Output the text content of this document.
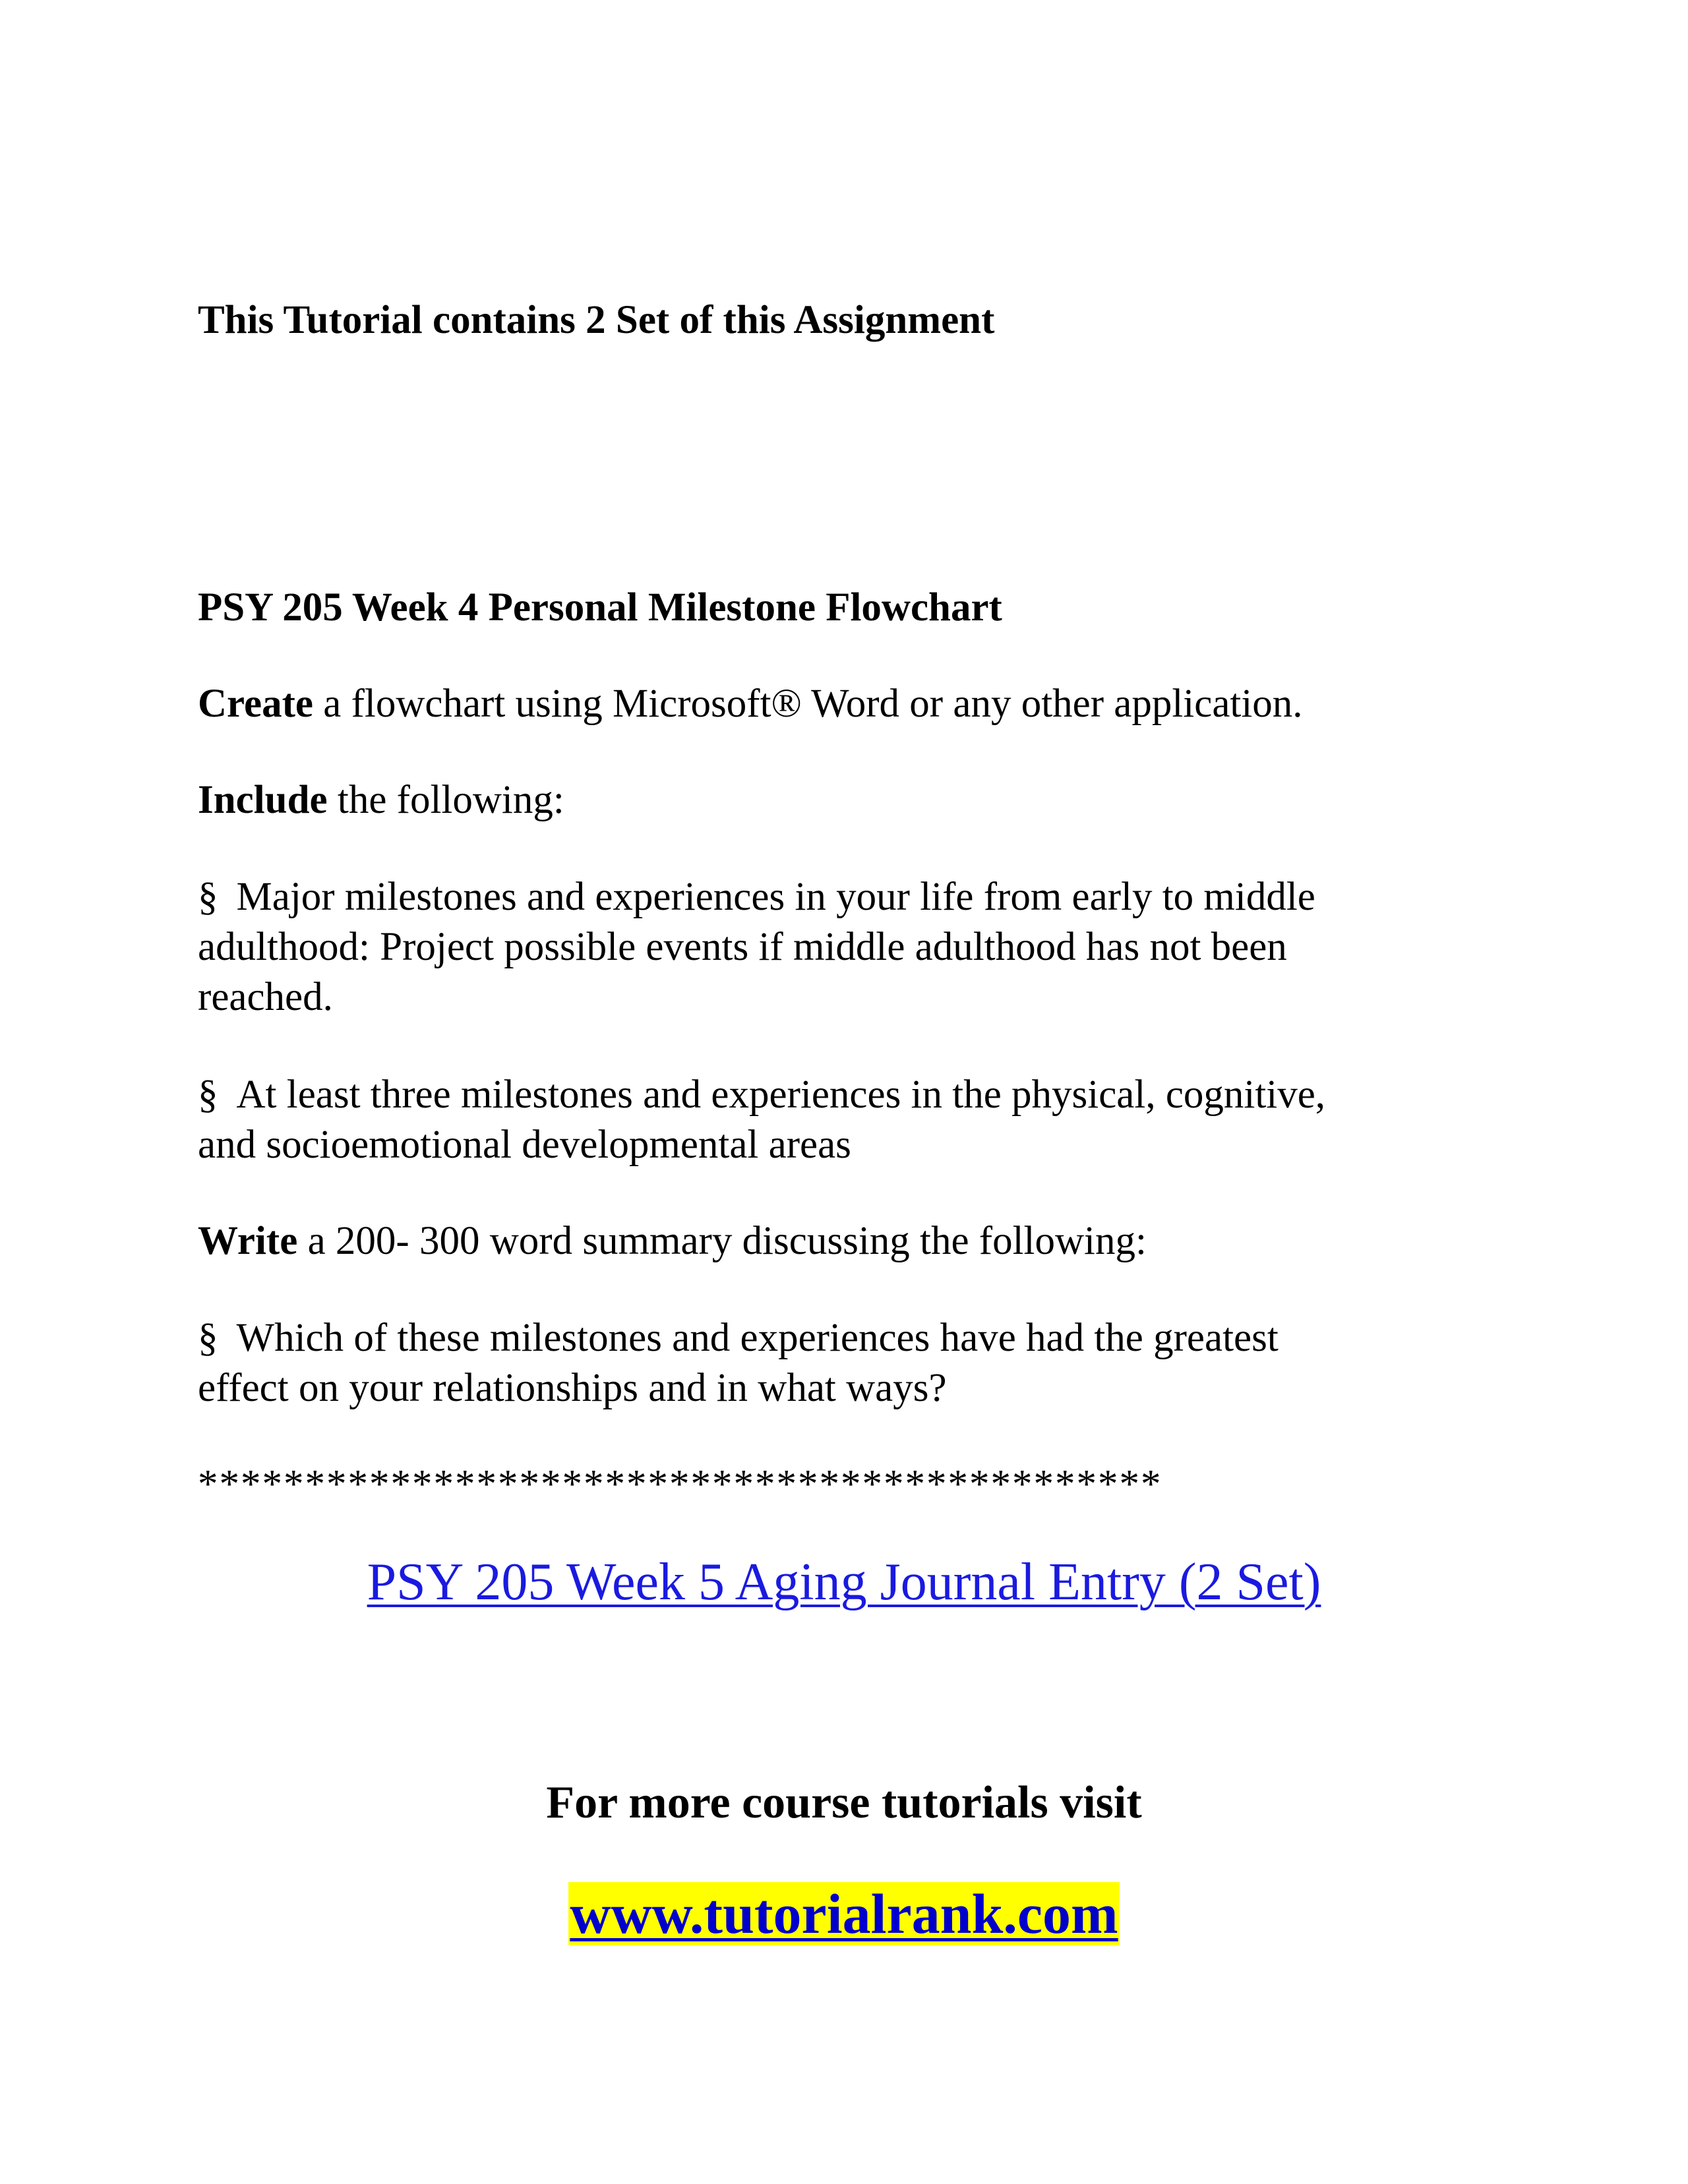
This Tutorial contains 2 Set of this Assignment
PSY 205 Week 4 Personal Milestone Flowchart
Create a flowchart using Microsoft® Word or any other application.
Include the following:
§ Major milestones and experiences in your life from early to middle
adulthood: Project possible events if middle adulthood has not been
reached.
§ At least three milestones and experiences in the physical, cognitive,
and socioemotional developmental areas
Write a 200- 300 word summary discussing the following:
§ Which of these milestones and experiences have had the greatest
effect on your relationships and in what ways?
*********************************************
PSY 205 Week 5 Aging Journal Entry (2 Set)
For more course tutorials visit
www.tutorialrank.com
